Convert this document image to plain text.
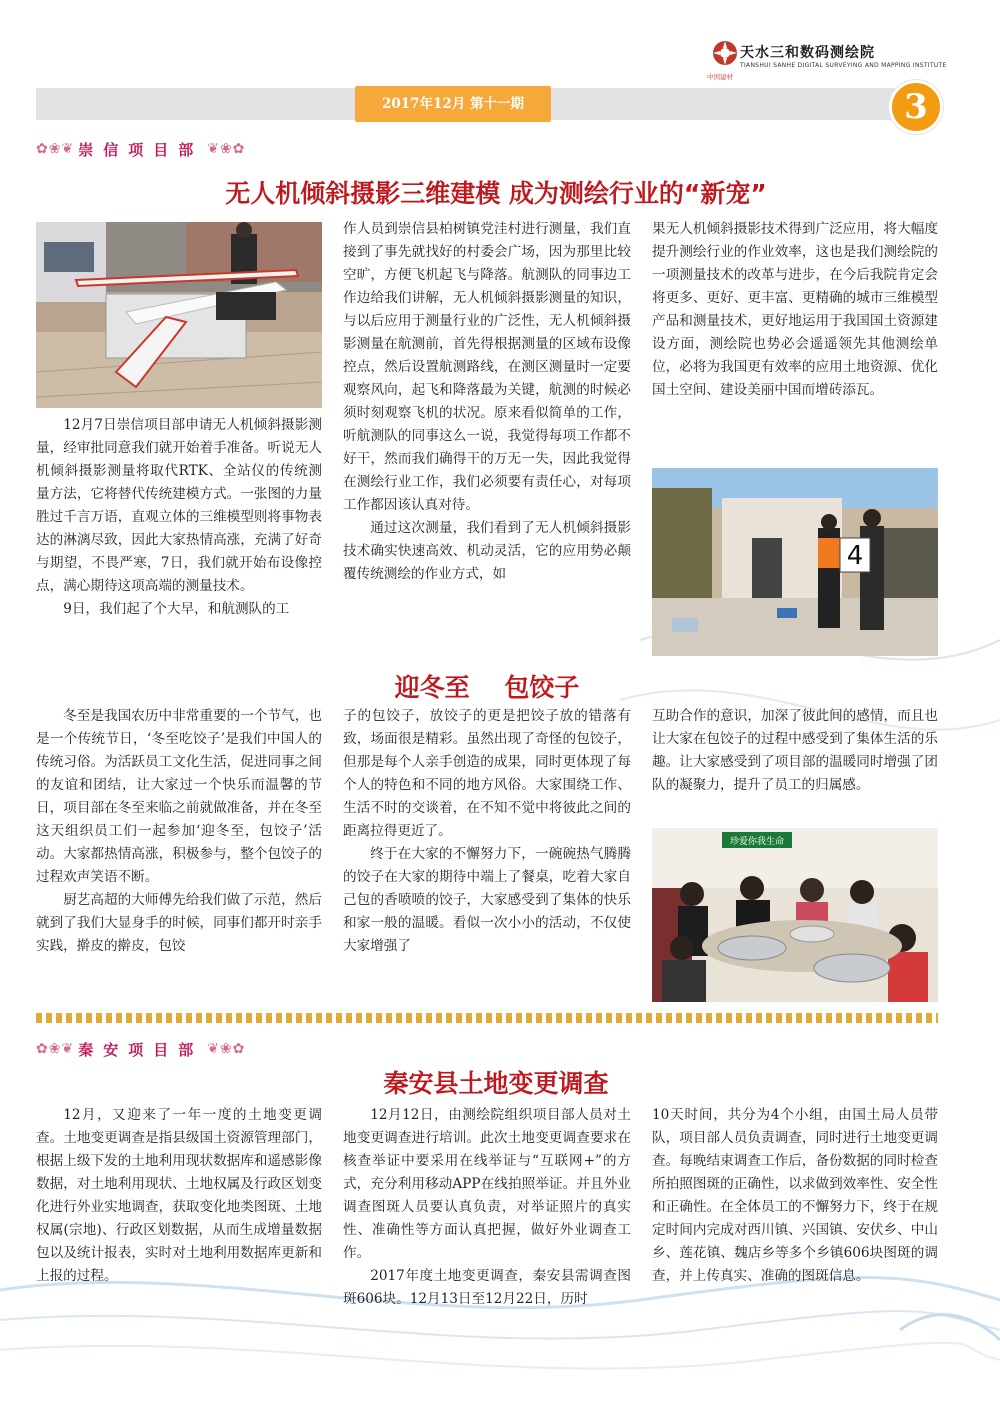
中国建材
天水三和数码测绘院
TIANSHUI SANHE DIGITAL SURVEYING AND MAPPING INSTITUTE
2017年12月 第十一期	3
✿❀❦ 崇信项目部 ❦❀✿
无人机倾斜摄影三维建模 成为测绘行业的“新宠”

12月7日崇信项目部申请无人机倾斜摄影测量，经审批同意我们就开始着手准备。听说无人机倾斜摄影测量将取代RTK、全站仪的传统测量方法，它将替代传统建模方式。一张图的力量胜过千言万语，直观立体的三维模型则将事物表达的淋漓尽致，因此大家热情高涨，充满了好奇与期望，不畏严寒，7日，我们就开始布设像控点，满心期待这项高端的测量技术。

9日，我们起了个大早，和航测队的工

作人员到崇信县柏树镇党洼村进行测量，我们直接到了事先就找好的村委会广场，因为那里比较空旷，方便飞机起飞与降落。航测队的同事边工作边给我们讲解，无人机倾斜摄影测量的知识，与以后应用于测量行业的广泛性，无人机倾斜摄影测量在航测前，首先得根据测量的区域布设像控点，然后设置航测路线，在测区测量时一定要观察风向，起飞和降落最为关键，航测的时候必须时刻观察飞机的状况。原来看似简单的工作，听航测队的同事这么一说，我觉得每项工作都不好干，然而我们确得干的万无一失，因此我觉得在测绘行业工作，我们必须要有责任心，对每项工作都因该认真对待。

通过这次测量，我们看到了无人机倾斜摄影技术确实快速高效、机动灵活，它的应用势必颠覆传统测绘的作业方式，如

果无人机倾斜摄影技术得到广泛应用，将大幅度提升测绘行业的作业效率，这也是我们测绘院的一项测量技术的改革与进步，在今后我院肯定会将更多、更好、更丰富、更精确的城市三维模型产品和测量技术，更好地运用于我国国土资源建设方面，测绘院也势必会遥遥领先其他测绘单位，必将为我国更有效率的应用土地资源、优化国土空间、建设美丽中国而增砖添瓦。

4
迎冬至    包饺子

冬至是我国农历中非常重要的一个节气，也是一个传统节日，‘冬至吃饺子’是我们中国人的传统习俗。为活跃员工文化生活，促进同事之间的友谊和团结，让大家过一个快乐而温馨的节日，项目部在冬至来临之前就做准备，并在冬至这天组织员工们一起参加‘迎冬至，包饺子’活动。大家都热情高涨，积极参与，整个包饺子的过程欢声笑语不断。

厨艺高超的大师傅先给我们做了示范，然后就到了我们大显身手的时候，同事们都开时亲手实践，擀皮的擀皮，包饺

子的包饺子，放饺子的更是把饺子放的错落有致，场面很是精彩。虽然出现了奇怪的包饺子，但那是每个人亲手创造的成果，同时更体现了每个人的特色和不同的地方风俗。大家围绕工作、生活不时的交谈着，在不知不觉中将彼此之间的距离拉得更近了。

终于在大家的不懈努力下，一碗碗热气腾腾的饺子在大家的期待中端上了餐桌，吃着大家自己包的香喷喷的饺子，大家感受到了集体的快乐和家一般的温暖。看似一次小小的活动，不仅使大家增强了

互助合作的意识，加深了彼此间的感情，而且也让大家在包饺子的过程中感受到了集体生活的乐趣。让大家感受到了项目部的温暖同时增强了团队的凝聚力，提升了员工的归属感。

珍爱你我生命
✿❀❦ 秦安项目部 ❦❀✿
秦安县土地变更调查

12月，又迎来了一年一度的土地变更调查。土地变更调查是指县级国土资源管理部门，根据上级下发的土地利用现状数据库和遥感影像数据，对土地利用现状、土地权属及行政区划变化进行外业实地调查，获取变化地类图斑、土地权属(宗地)、行政区划数据，从而生成增量数据包以及统计报表，实时对土地利用数据库更新和上报的过程。

12月12日，由测绘院组织项目部人员对土地变更调查进行培训。此次土地变更调查要求在核查举证中要采用在线举证与“互联网+”的方式，充分利用移动APP在线拍照举证。并且外业调查图斑人员要认真负责，对举证照片的真实性、准确性等方面认真把握，做好外业调查工作。

2017年度土地变更调查，秦安县需调查图斑606块。12月13日至12月22日，历时

10天时间，共分为4个小组，由国土局人员带队，项目部人员负责调查，同时进行土地变更调查。每晚结束调查工作后，备份数据的同时检查所拍照图斑的正确性，以求做到效率性、安全性和正确性。在全体员工的不懈努力下，终于在规定时间内完成对西川镇、兴国镇、安伏乡、中山乡、莲花镇、魏店乡等多个乡镇606块图斑的调查，并上传真实、准确的图斑信息。
